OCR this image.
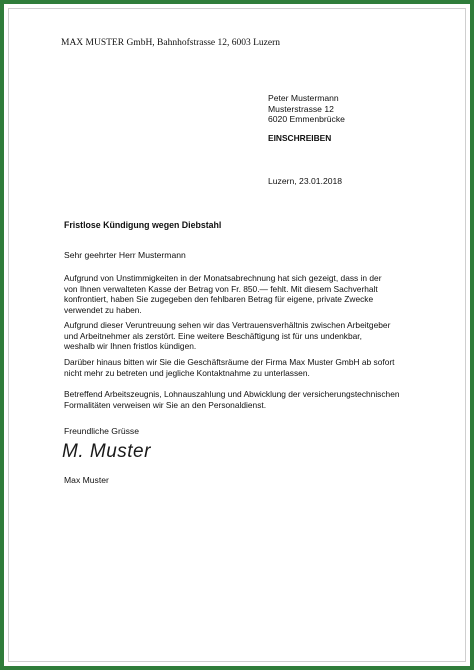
MAX MUSTER GmbH, Bahnhofstrasse 12, 6003 Luzern
Peter Mustermann
Musterstrasse 12
6020 Emmenbrücke
EINSCHREIBEN
Luzern, 23.01.2018
Fristlose Kündigung wegen Diebstahl
Sehr geehrter Herr Mustermann
Aufgrund von Unstimmigkeiten in der Monatsabrechnung hat sich gezeigt, dass in der
von Ihnen verwalteten Kasse der Betrag von Fr. 850.— fehlt. Mit diesem Sachverhalt
konfrontiert, haben Sie zugegeben den fehlbaren Betrag für eigene, private Zwecke
verwendet zu haben.
Aufgrund dieser Veruntreuung sehen wir das Vertrauensverhältnis zwischen Arbeitgeber
und Arbeitnehmer als zerstört. Eine weitere Beschäftigung ist für uns undenkbar,
weshalb wir Ihnen fristlos kündigen.
Darüber hinaus bitten wir Sie die Geschäftsräume der Firma Max Muster GmbH ab sofort
nicht mehr zu betreten und jegliche Kontaktnahme zu unterlassen.
Betreffend Arbeitszeugnis, Lohnauszahlung und Abwicklung der versicherungstechnischen
Formalitäten verweisen wir Sie an den Personaldienst.
Freundliche Grüsse
M. Muster
Max Muster
